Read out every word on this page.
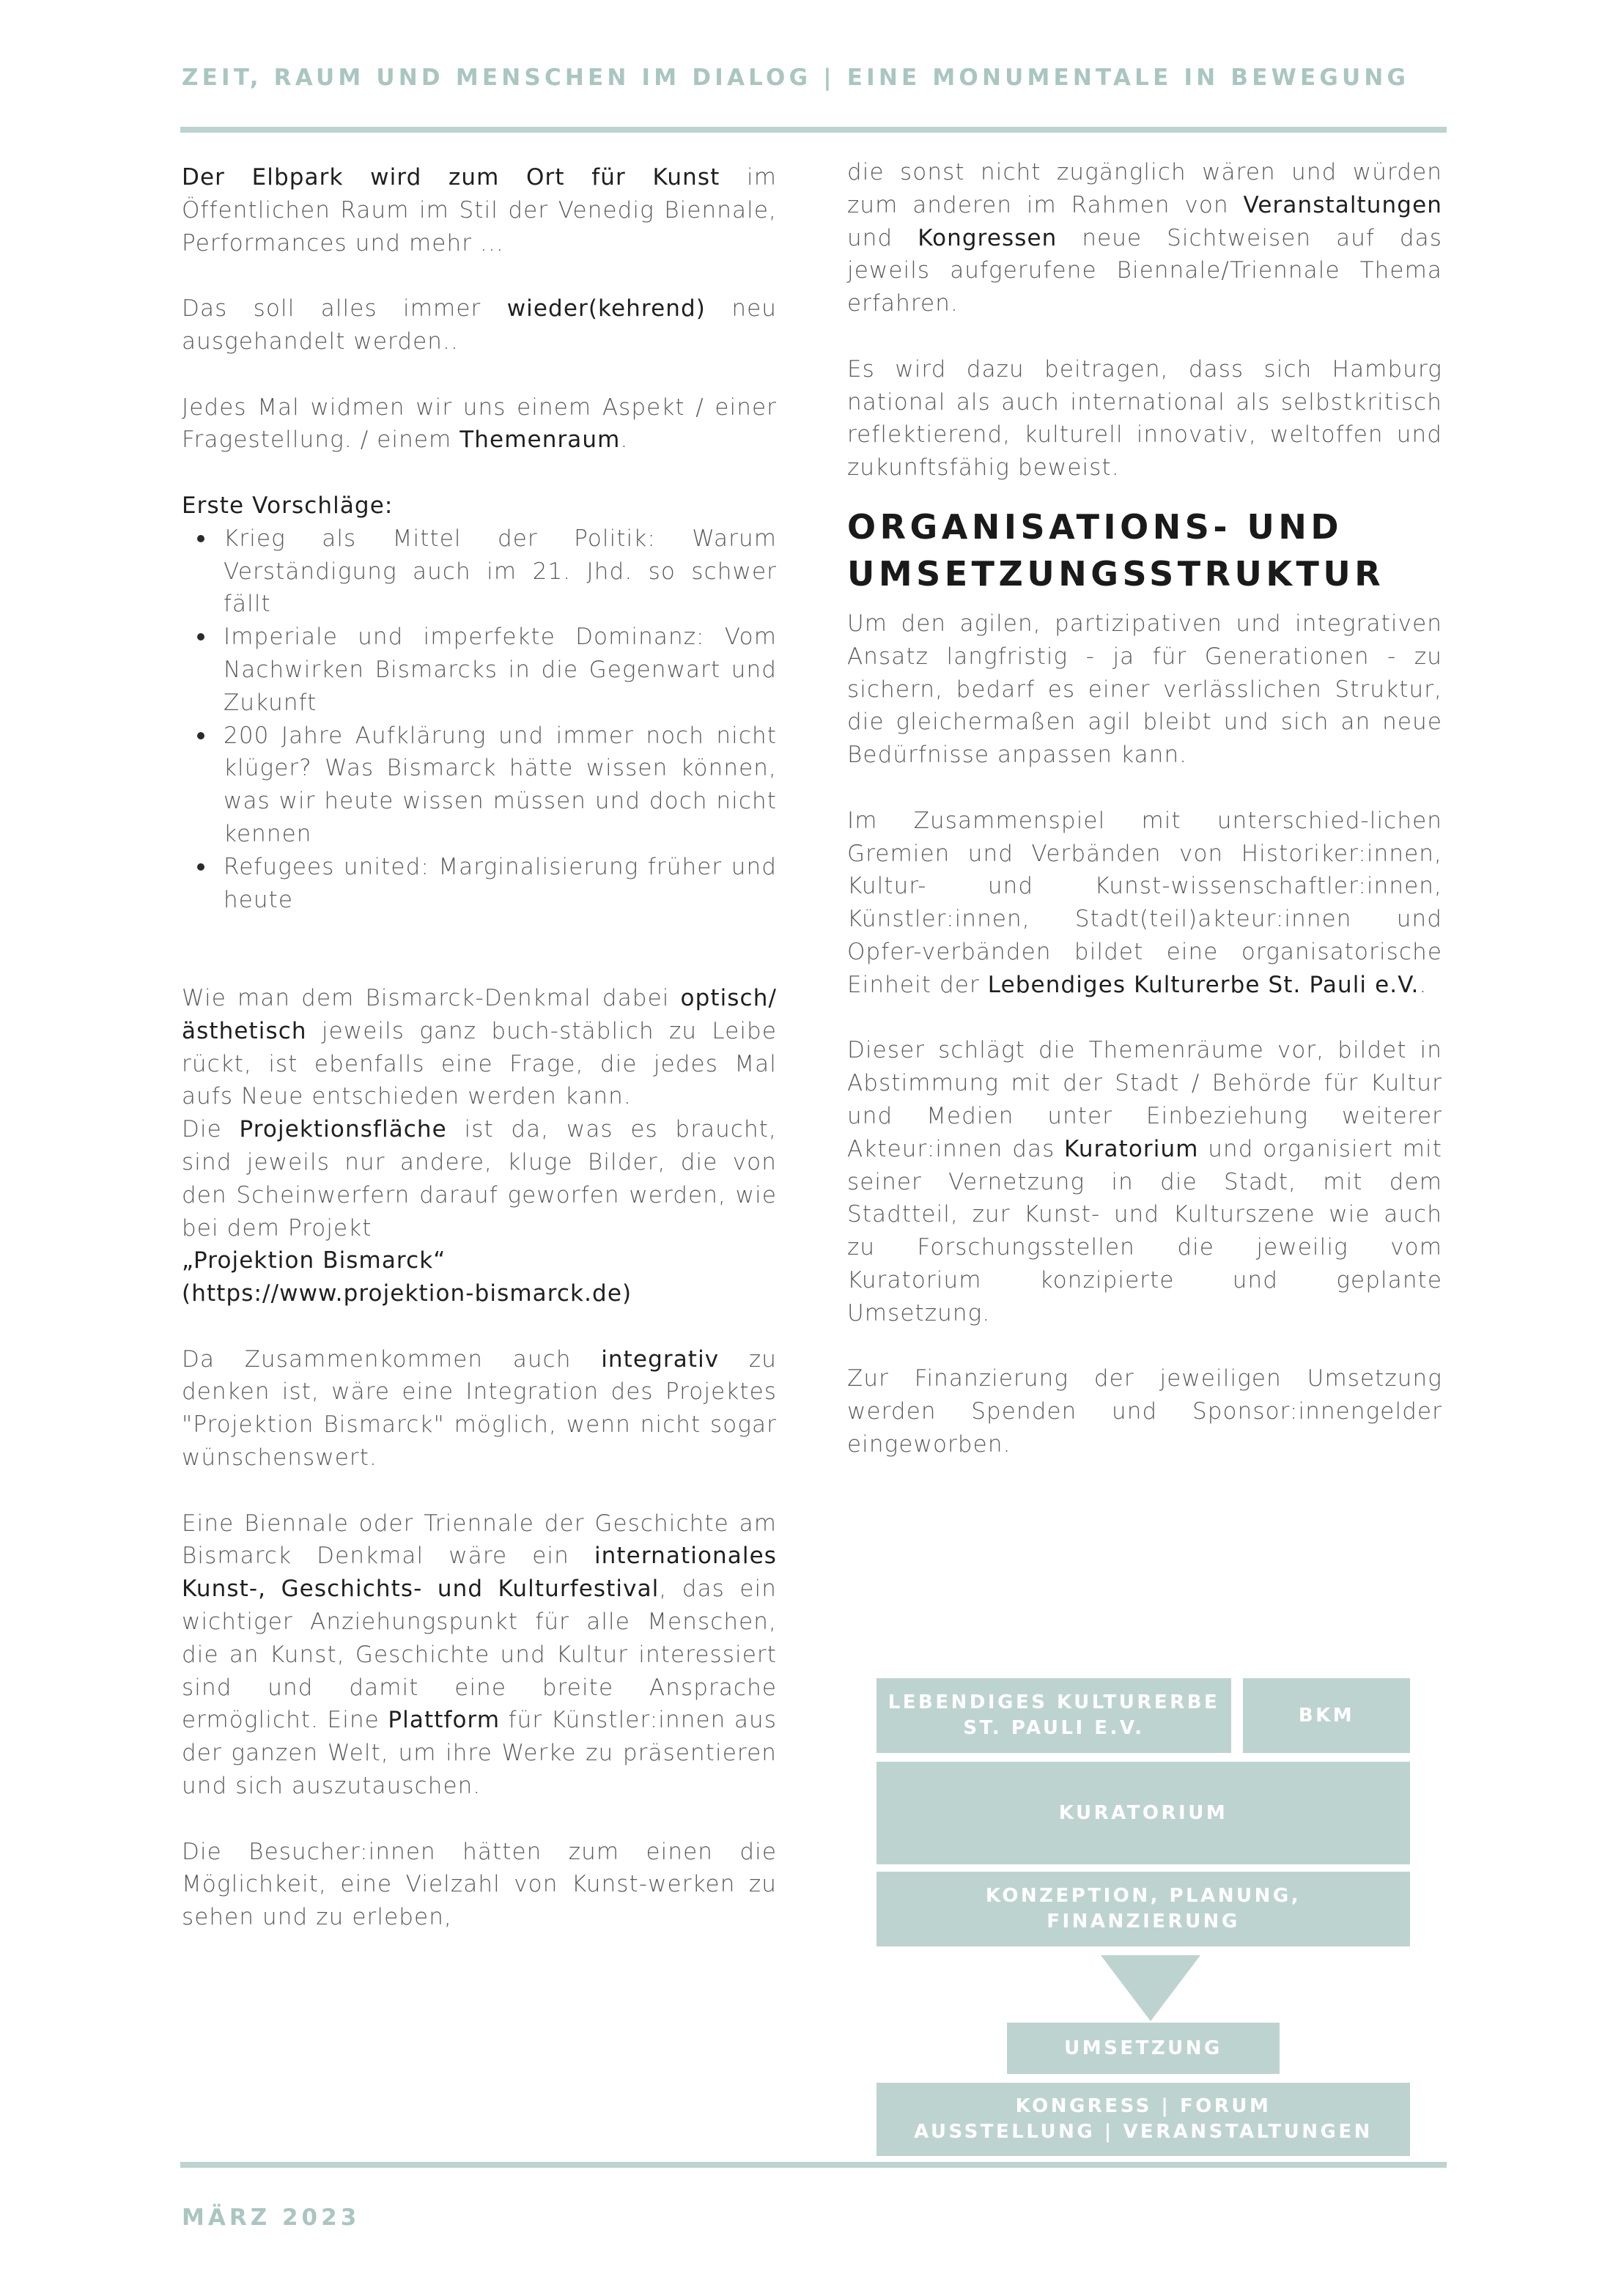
ZEIT, RAUM UND MENSCHEN IM DIALOG | EINE MONUMENTALE IN BEWEGUNG

Der Elbpark wird zum Ort für Kunst im Öffentlichen Raum im Stil der Venedig Biennale, Performances und mehr ...

Das soll alles immer wieder(kehrend) neu ausgehandelt werden..

Jedes Mal widmen wir uns einem Aspekt / einer Fragestellung. / einem Themenraum.

Erste Vorschläge:

Krieg als Mittel der Politik: Warum Verständigung auch im 21. Jhd. so schwer fällt
Imperiale und imperfekte Dominanz: Vom Nachwirken Bismarcks in die Gegenwart und Zukunft
200 Jahre Aufklärung und immer noch nicht klüger? Was Bismarck hätte wissen können, was wir heute wissen müssen und doch nicht kennen
Refugees united: Marginalisierung früher und heute

Wie man dem Bismarck-Denkmal dabei optisch/ästhetisch jeweils ganz buch-stäblich zu Leibe rückt, ist ebenfalls eine Frage, die jedes Mal aufs Neue entschieden werden kann.

Die Projektionsfläche ist da, was es braucht, sind jeweils nur andere, kluge Bilder, die von den Scheinwerfern darauf geworfen werden, wie bei dem Projekt

„Projektion Bismarck“

(https://www.projektion-bismarck.de)

Da Zusammenkommen auch integrativ zu denken ist, wäre eine Integration des Projektes "Projektion Bismarck" möglich, wenn nicht sogar wünschenswert.

Eine Biennale oder Triennale der Geschichte am Bismarck Denkmal wäre ein internationales Kunst-, Geschichts- und Kulturfestival, das ein wichtiger Anziehungspunkt für alle Menschen, die an Kunst, Geschichte und Kultur interessiert sind und damit eine breite Ansprache ermöglicht. Eine Plattform für Künstler:innen aus der ganzen Welt, um ihre Werke zu präsentieren und sich auszutauschen.

Die Besucher:innen hätten zum einen die Möglichkeit, eine Vielzahl von Kunst-werken zu sehen und zu erleben,

die sonst nicht zugänglich wären und würden zum anderen im Rahmen von Veranstaltungen und Kongressen neue Sichtweisen auf das jeweils aufgerufene Biennale/Triennale Thema erfahren.

Es wird dazu beitragen, dass sich Hamburg national als auch international als selbstkritisch reflektierend, kulturell innovativ, weltoffen und zukunftsfähig beweist.

ORGANISATIONS- UND
UMSETZUNGSSTRUKTUR

Um den agilen, partizipativen und integrativen Ansatz langfristig - ja für Generationen - zu sichern, bedarf es einer verlässlichen Struktur, die gleichermaßen agil bleibt und sich an neue Bedürfnisse anpassen kann.

Im Zusammenspiel mit unterschied-lichen Gremien und Verbänden von Historiker:innen, Kultur- und Kunst-wissenschaftler:innen, Künstler:innen, Stadt(teil)akteur:innen und Opfer-verbänden bildet eine organisatorische Einheit der Lebendiges Kulturerbe St. Pauli e.V..

Dieser schlägt die Themenräume vor, bildet in Abstimmung mit der Stadt / Behörde für Kultur und Medien unter Einbeziehung weiterer Akteur:innen das Kuratorium und organisiert mit seiner Vernetzung in die Stadt, mit dem Stadtteil, zur Kunst- und Kulturszene wie auch zu Forschungsstellen die jeweilig vom Kuratorium konzipierte und geplante Umsetzung.

Zur Finanzierung der jeweiligen Umsetzung werden Spenden und Sponsor:innengelder eingeworben.

LEBENDIGES KULTURERBE
ST. PAULI E.V.
BKM
KURATORIUM
KONZEPTION, PLANUNG,
FINANZIERUNG
UMSETZUNG
KONGRESS | FORUM
AUSSTELLUNG | VERANSTALTUNGEN
MÄRZ 2023
